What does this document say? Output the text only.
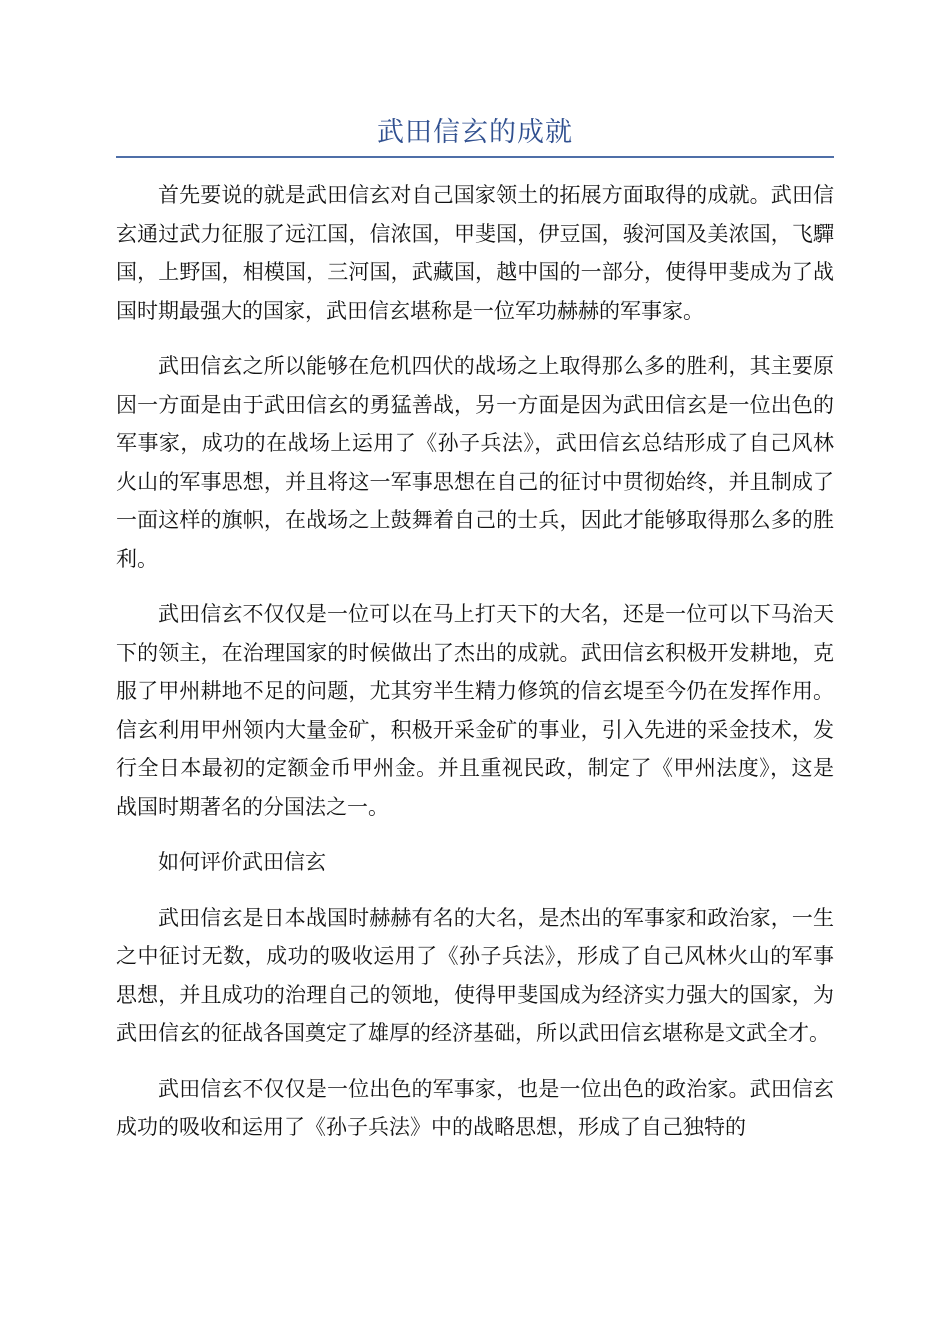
武田信玄的成就

首先要说的就是武田信玄对自己国家领土的拓展方面取得的成就。武田信玄通过武力征服了远江国，信浓国，甲斐国，伊豆国，骏河国及美浓国，飞驒国，上野国，相模国，三河国，武藏国，越中国的一部分，使得甲斐成为了战国时期最强大的国家，武田信玄堪称是一位军功赫赫的军事家。

武田信玄之所以能够在危机四伏的战场之上取得那么多的胜利，其主要原因一方面是由于武田信玄的勇猛善战，另一方面是因为武田信玄是一位出色的军事家，成功的在战场上运用了《孙子兵法》，武田信玄总结形成了自己风林火山的军事思想，并且将这一军事思想在自己的征讨中贯彻始终，并且制成了一面这样的旗帜，在战场之上鼓舞着自己的士兵，因此才能够取得那么多的胜利。

武田信玄不仅仅是一位可以在马上打天下的大名，还是一位可以下马治天下的领主，在治理国家的时候做出了杰出的成就。武田信玄积极开发耕地，克服了甲州耕地不足的问题，尤其穷半生精力修筑的信玄堤至今仍在发挥作用。信玄利用甲州领内大量金矿，积极开采金矿的事业，引入先进的采金技术，发行全日本最初的定额金币甲州金。并且重视民政，制定了《甲州法度》，这是战国时期著名的分国法之一。

如何评价武田信玄

武田信玄是日本战国时赫赫有名的大名，是杰出的军事家和政治家，一生之中征讨无数，成功的吸收运用了《孙子兵法》，形成了自己风林火山的军事思想，并且成功的治理自己的领地，使得甲斐国成为经济实力强大的国家，为武田信玄的征战各国奠定了雄厚的经济基础，所以武田信玄堪称是文武全才。

武田信玄不仅仅是一位出色的军事家，也是一位出色的政治家。武田信玄成功的吸收和运用了《孙子兵法》中的战略思想，形成了自己独特的
